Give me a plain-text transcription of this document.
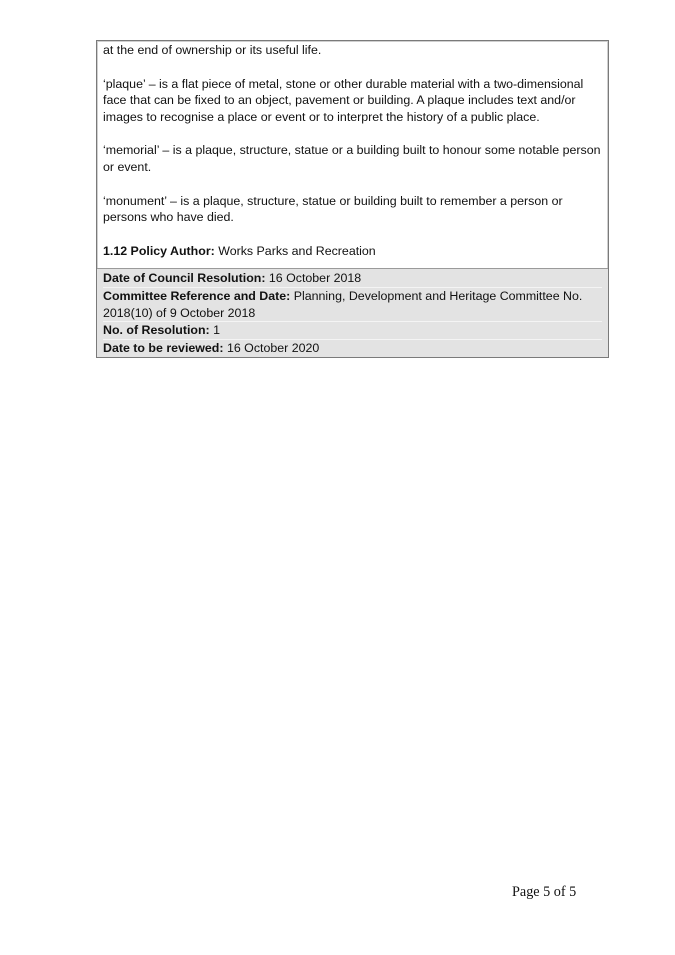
at the end of ownership or its useful life.

‘plaque’ – is a flat piece of metal, stone or other durable material with a two-dimensional face that can be fixed to an object, pavement or building. A plaque includes text and/or images to recognise a place or event or to interpret the history of a public place.

‘memorial’ – is a plaque, structure, statue or a building built to honour some notable person or event.

‘monument’ – is a plaque, structure, statue or building built to remember a person or persons who have died.

1.12 Policy Author: Works Parks and Recreation

Date of Council Resolution: 16 October 2018
Committee Reference and Date: Planning, Development and Heritage Committee No. 2018(10) of 9 October 2018
No. of Resolution: 1
Date to be reviewed: 16 October 2020
Page 5 of 5
